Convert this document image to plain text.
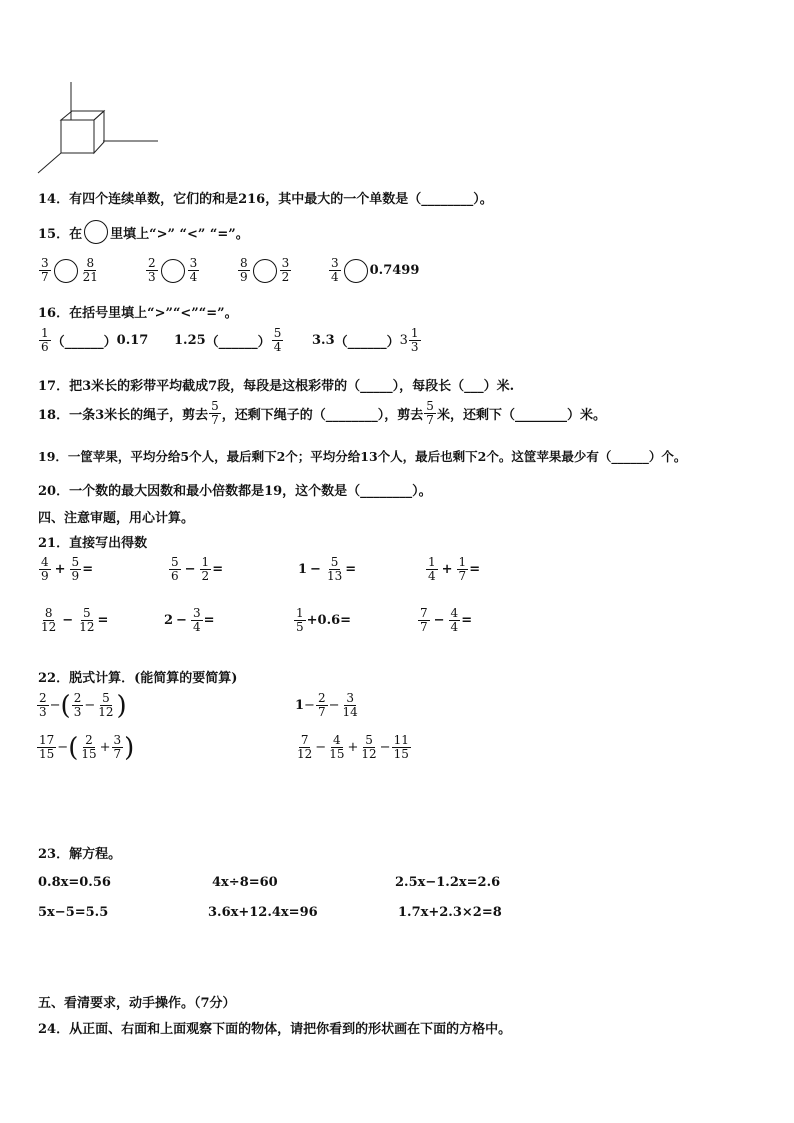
14．有四个连续单数，它们的和是216，其中最大的一个单数是（________）。
15．在 里填上“>” “<” “=”。
$\frac{3}{7}$	$\frac{8}{21}$	$\frac{2}{3}$	$\frac{3}{4}$	$\frac{8}{9}$	$\frac{3}{2}$	$\frac{3}{4} 0.7499$
16．在括号里填上“>”“<”“=”。
$\frac{1}{6}$ （______） 0.17 1.25 （______） $\frac{5}{4} 3.3$ （______） $3 \frac{1}{3}$
17．把3米长的彩带平均截成7段，每段是这根彩带的（_____），每段长（___）米.
18．一条3米长的绳子，剪去 $\frac{5}{7}$ ，还剩下绳子的（________），剪去 $\frac{5}{7}$ 米，还剩下（________）米。
19．一筐苹果，平均分给5个人，最后剩下2个；平均分给13个人，最后也剩下2个。这筐苹果最少有（______）个。
20．一个数的最大因数和最小倍数都是19，这个数是（________）。
四、注意审题，用心计算。
21．直接写出得数
$\frac{4}{9} + \frac{5}{9}$ =	$\frac{5}{6} - \frac{1}{2}$ =	$1 - \frac{5}{13}$ =	$\frac{1}{4} + \frac{1}{7}$ =
$\frac{8}{12} - \frac{5}{12}$ =	$2 - \frac{3}{4}$ =	$\frac{1}{5} +0.6$ =	$\frac{7}{7} - \frac{4}{4}$ =
22．脱式计算．(能简算的要简算)
$\frac{2}{3}$ − ( $\frac{2}{3} - \frac{5}{12}$ )	$1 - \frac{2}{7} - \frac{3}{14}$
$\frac{17}{15}$ − ( $\frac{2}{15} + \frac{3}{7}$ )	$\frac{7}{12} - \frac{4}{15} + \frac{5}{12} - \frac{11}{15}$
23．解方程。
0.8x=0.56	4x÷8=60	2.5x−1.2x=2.6
5x−5=5.5	3.6x+12.4x=96	1.7x+2.3×2=8
五、看清要求，动手操作。（7分）
24．从正面、右面和上面观察下面的物体，请把你看到的形状画在下面的方格中。
